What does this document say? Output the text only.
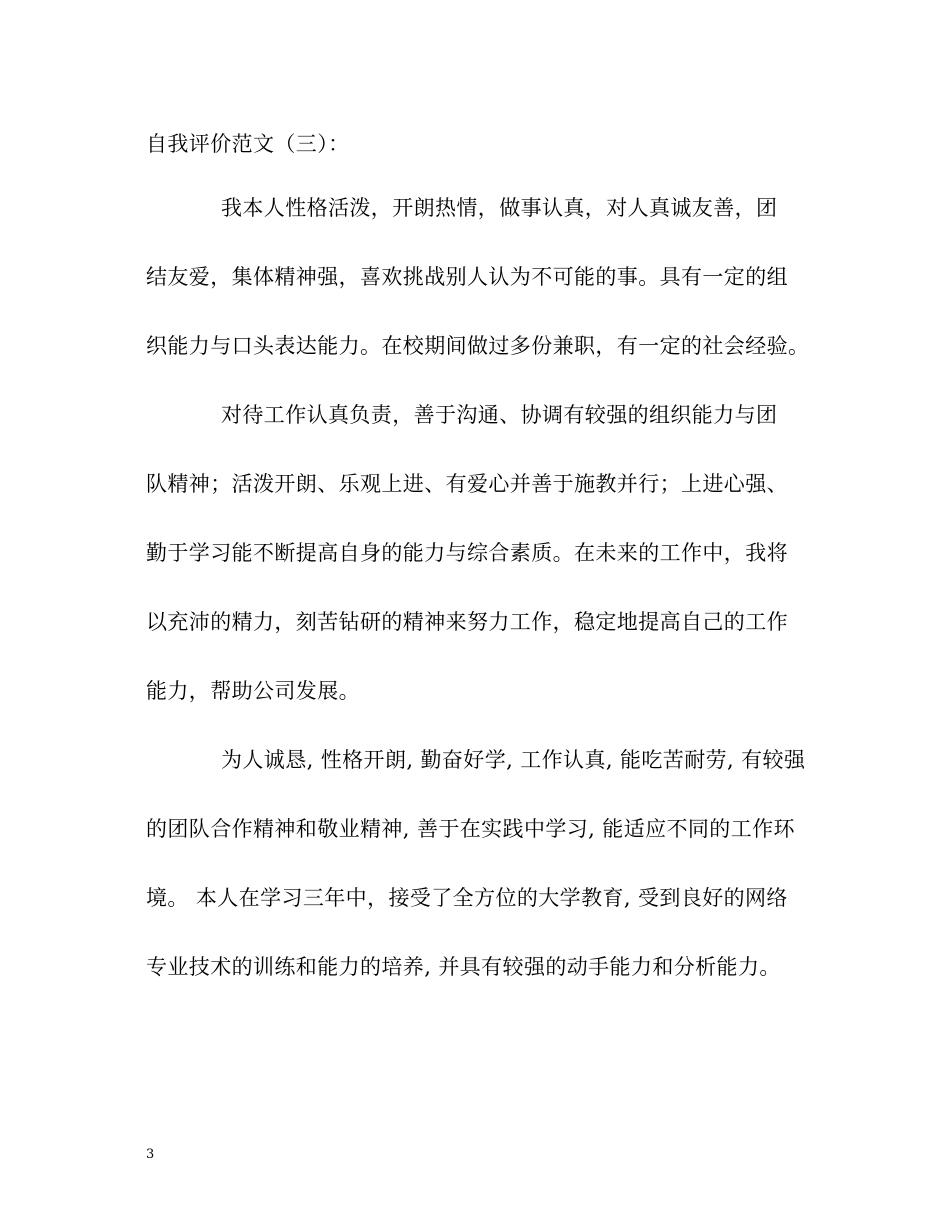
自我评价范文（三）：
我本人性格活泼，开朗热情，做事认真，对人真诚友善，团
结友爱，集体精神强，喜欢挑战别人认为不可能的事。具有一定的组
织能力与口头表达能力。在校期间做过多份兼职，有一定的社会经验。
对待工作认真负责，善于沟通、协调有较强的组织能力与团
队精神；活泼开朗、乐观上进、有爱心并善于施教并行；上进心强、
勤于学习能不断提高自身的能力与综合素质。在未来的工作中，我将
以充沛的精力，刻苦钻研的精神来努力工作，稳定地提高自己的工作
能力，帮助公司发展。
为人诚恳, 性格开朗, 勤奋好学, 工作认真, 能吃苦耐劳, 有较强
的团队合作精神和敬业精神, 善于在实践中学习, 能适应不同的工作环
境。 本人在学习三年中，接受了全方位的大学教育, 受到良好的网络
专业技术的训练和能力的培养, 并具有较强的动手能力和分析能力。
3
